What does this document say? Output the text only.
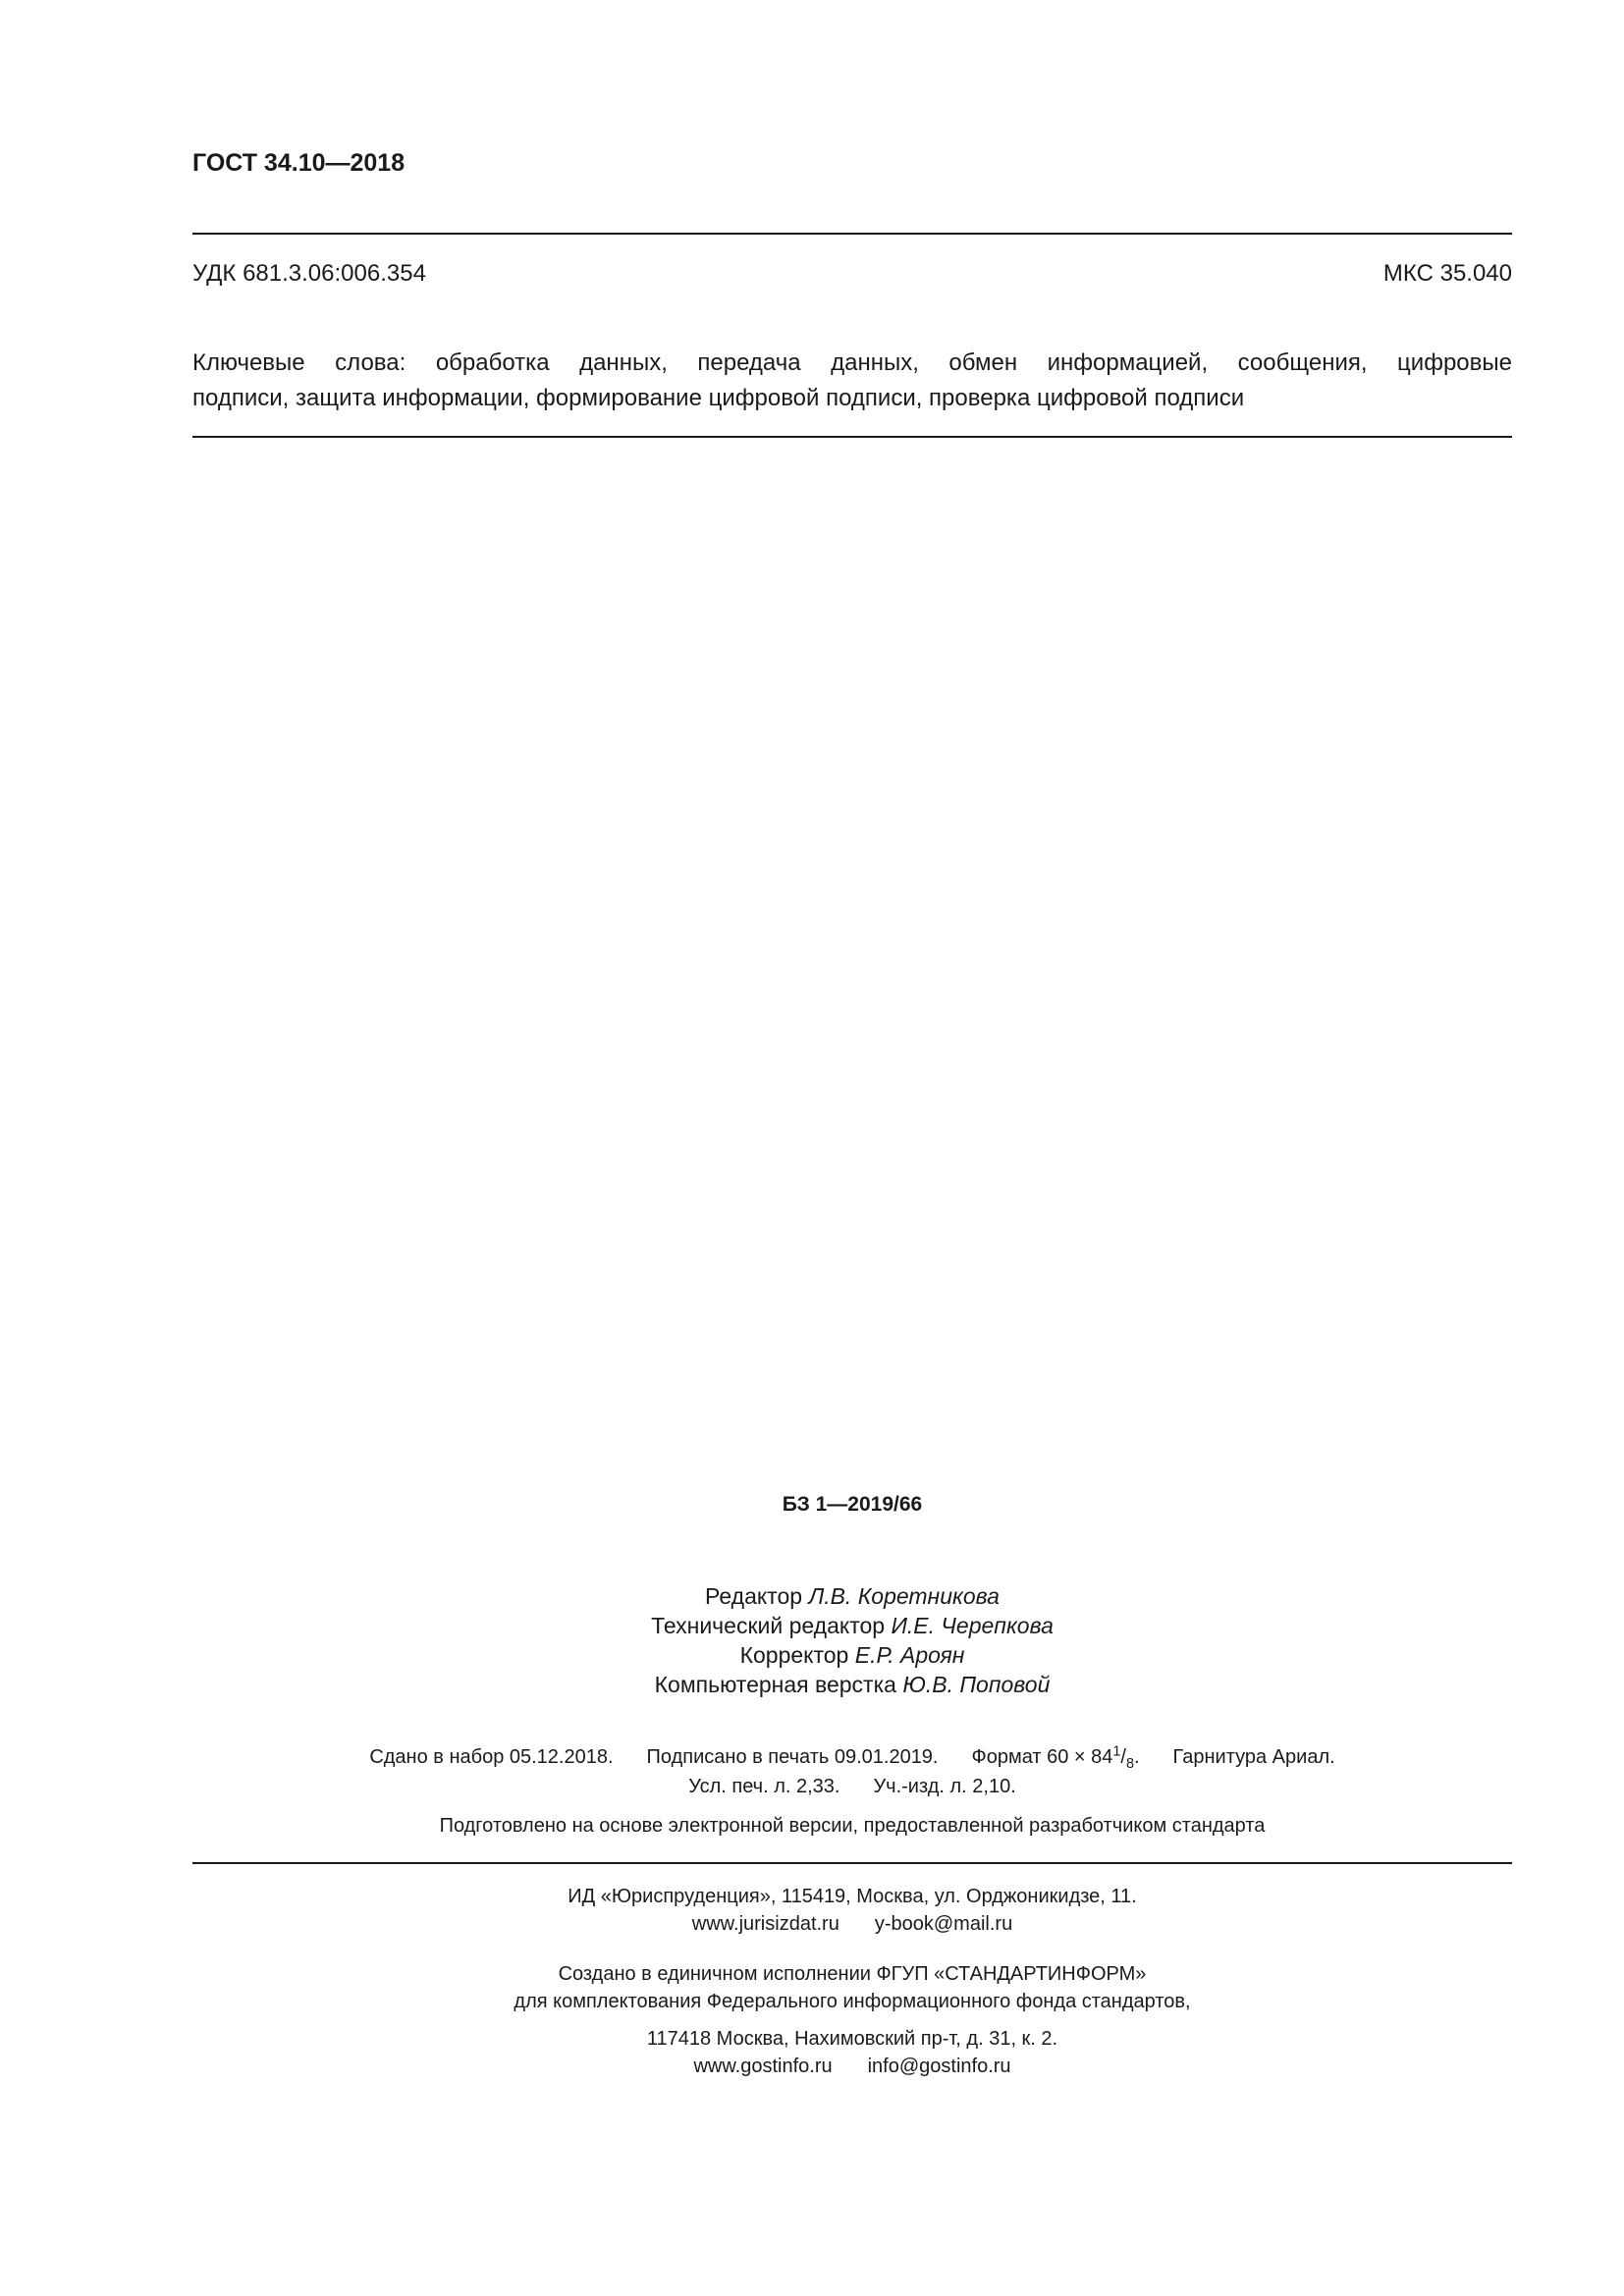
ГОСТ 34.10—2018
УДК 681.3.06:006.354	МКС 35.040
Ключевые слова: обработка данных, передача данных, обмен информацией, сообщения, цифровые
подписи, защита информации, формирование цифровой подписи, проверка цифровой подписи
БЗ 1—2019/66
Редактор Л.В. Коретникова
Технический редактор И.Е. Черепкова
Корректор Е.Р. Ароян
Компьютерная верстка Ю.В. Поповой
Сдано в набор 05.12.2018. Подписано в печать 09.01.2019. Формат $60 \times 84^1/_8$. Гарнитура Ариал.
Усл. печ. л. 2,33. Уч.-изд. л. 2,10.
Подготовлено на основе электронной версии, предоставленной разработчиком стандарта
ИД «Юриспруденция», 115419, Москва, ул. Орджоникидзе, 11.
www.jurisizdat.ru y-book@mail.ru
Создано в единичном исполнении ФГУП «СТАНДАРТИНФОРМ»
для комплектования Федерального информационного фонда стандартов,
117418 Москва, Нахимовский пр-т, д. 31, к. 2.
www.gostinfo.ru info@gostinfo.ru
